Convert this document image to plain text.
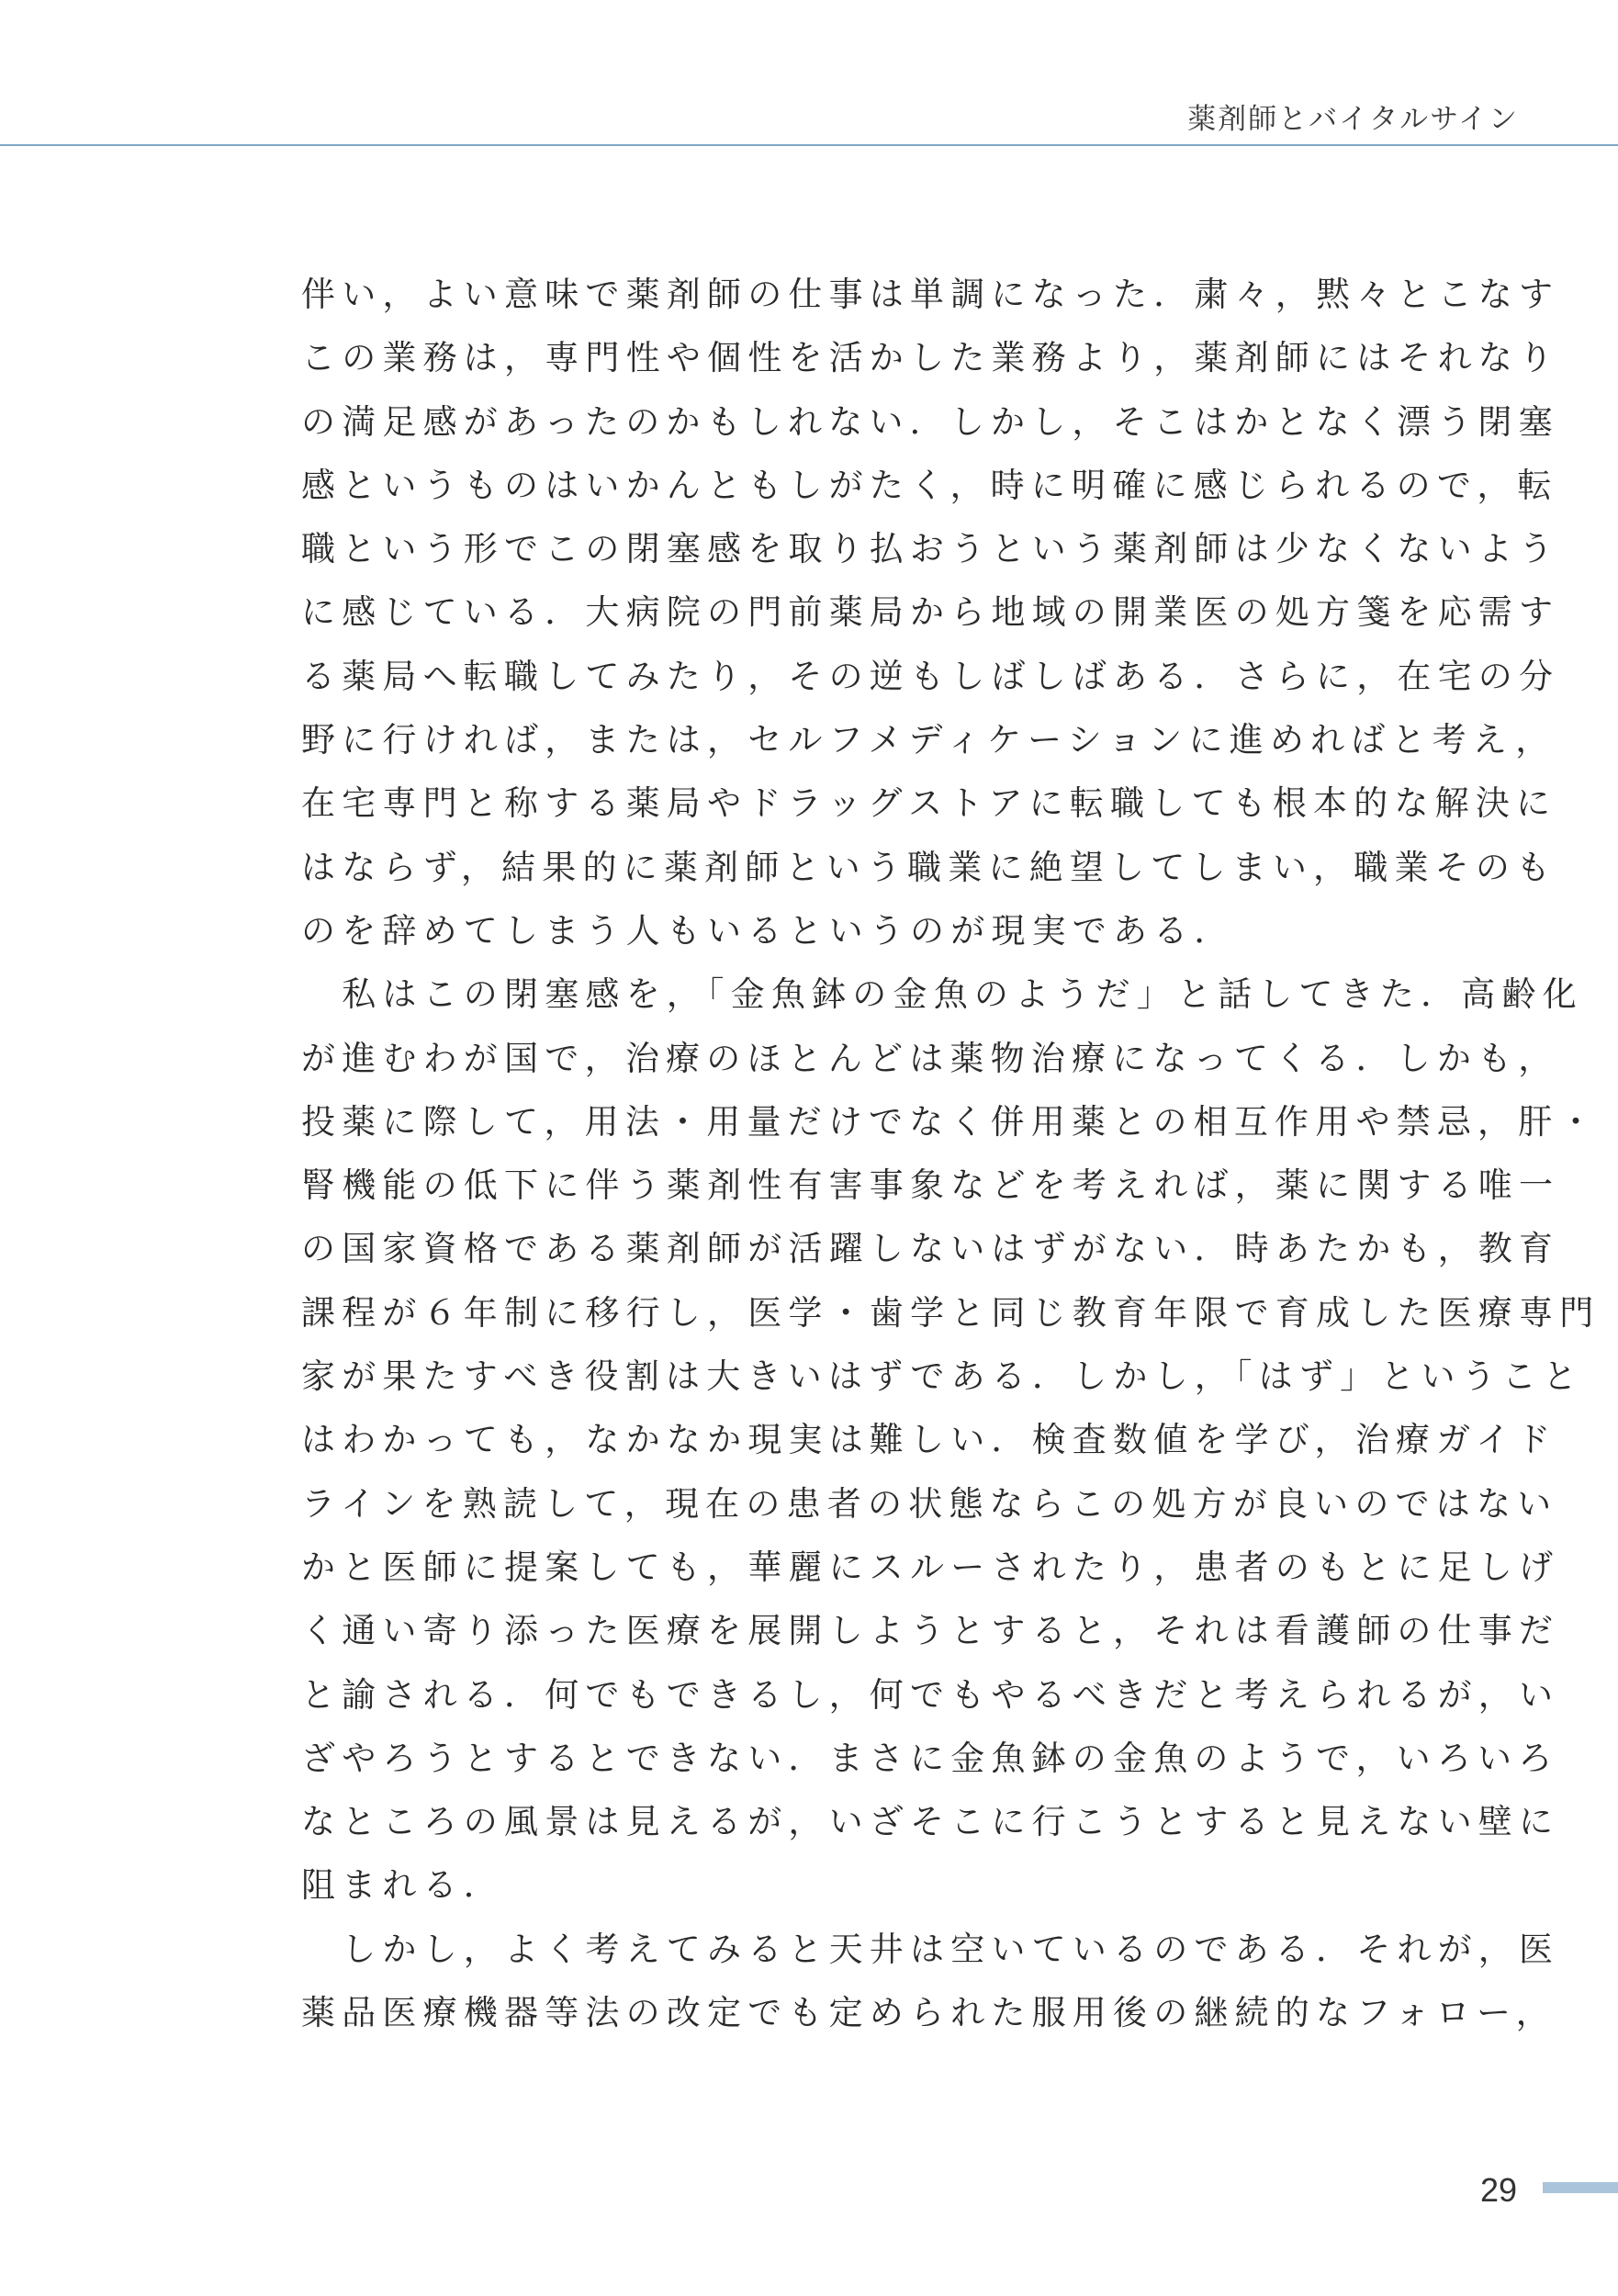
薬剤師とバイタルサイン
伴い，よい意味で薬剤師の仕事は単調になった．粛々，黙々とこなす
この業務は，専門性や個性を活かした業務より，薬剤師にはそれなり
の満足感があったのかもしれない．しかし，そこはかとなく漂う閉塞
感というものはいかんともしがたく，時に明確に感じられるので，転
職という形でこの閉塞感を取り払おうという薬剤師は少なくないよう
に感じている．大病院の門前薬局から地域の開業医の処方箋を応需す
る薬局へ転職してみたり，その逆もしばしばある．さらに，在宅の分
野に行ければ，または，セルフメディケーションに進めればと考え，
在宅専門と称する薬局やドラッグストアに転職しても根本的な解決に
はならず，結果的に薬剤師という職業に絶望してしまい，職業そのも
のを辞めてしまう人もいるというのが現実である．
　私はこの閉塞感を，「金魚鉢の金魚のようだ」と話してきた．高齢化
が進むわが国で，治療のほとんどは薬物治療になってくる．しかも，
投薬に際して，用法・用量だけでなく併用薬との相互作用や禁忌，肝・
腎機能の低下に伴う薬剤性有害事象などを考えれば，薬に関する唯一
の国家資格である薬剤師が活躍しないはずがない．時あたかも，教育
課程が６年制に移行し，医学・歯学と同じ教育年限で育成した医療専門
家が果たすべき役割は大きいはずである．しかし，「はず」ということ
はわかっても，なかなか現実は難しい．検査数値を学び，治療ガイド
ラインを熟読して，現在の患者の状態ならこの処方が良いのではない
かと医師に提案しても，華麗にスルーされたり，患者のもとに足しげ
く通い寄り添った医療を展開しようとすると，それは看護師の仕事だ
と諭される．何でもできるし，何でもやるべきだと考えられるが，い
ざやろうとするとできない．まさに金魚鉢の金魚のようで，いろいろ
なところの風景は見えるが，いざそこに行こうとすると見えない壁に
阻まれる．
　しかし，よく考えてみると天井は空いているのである．それが，医
薬品医療機器等法の改定でも定められた服用後の継続的なフォロー，
29
